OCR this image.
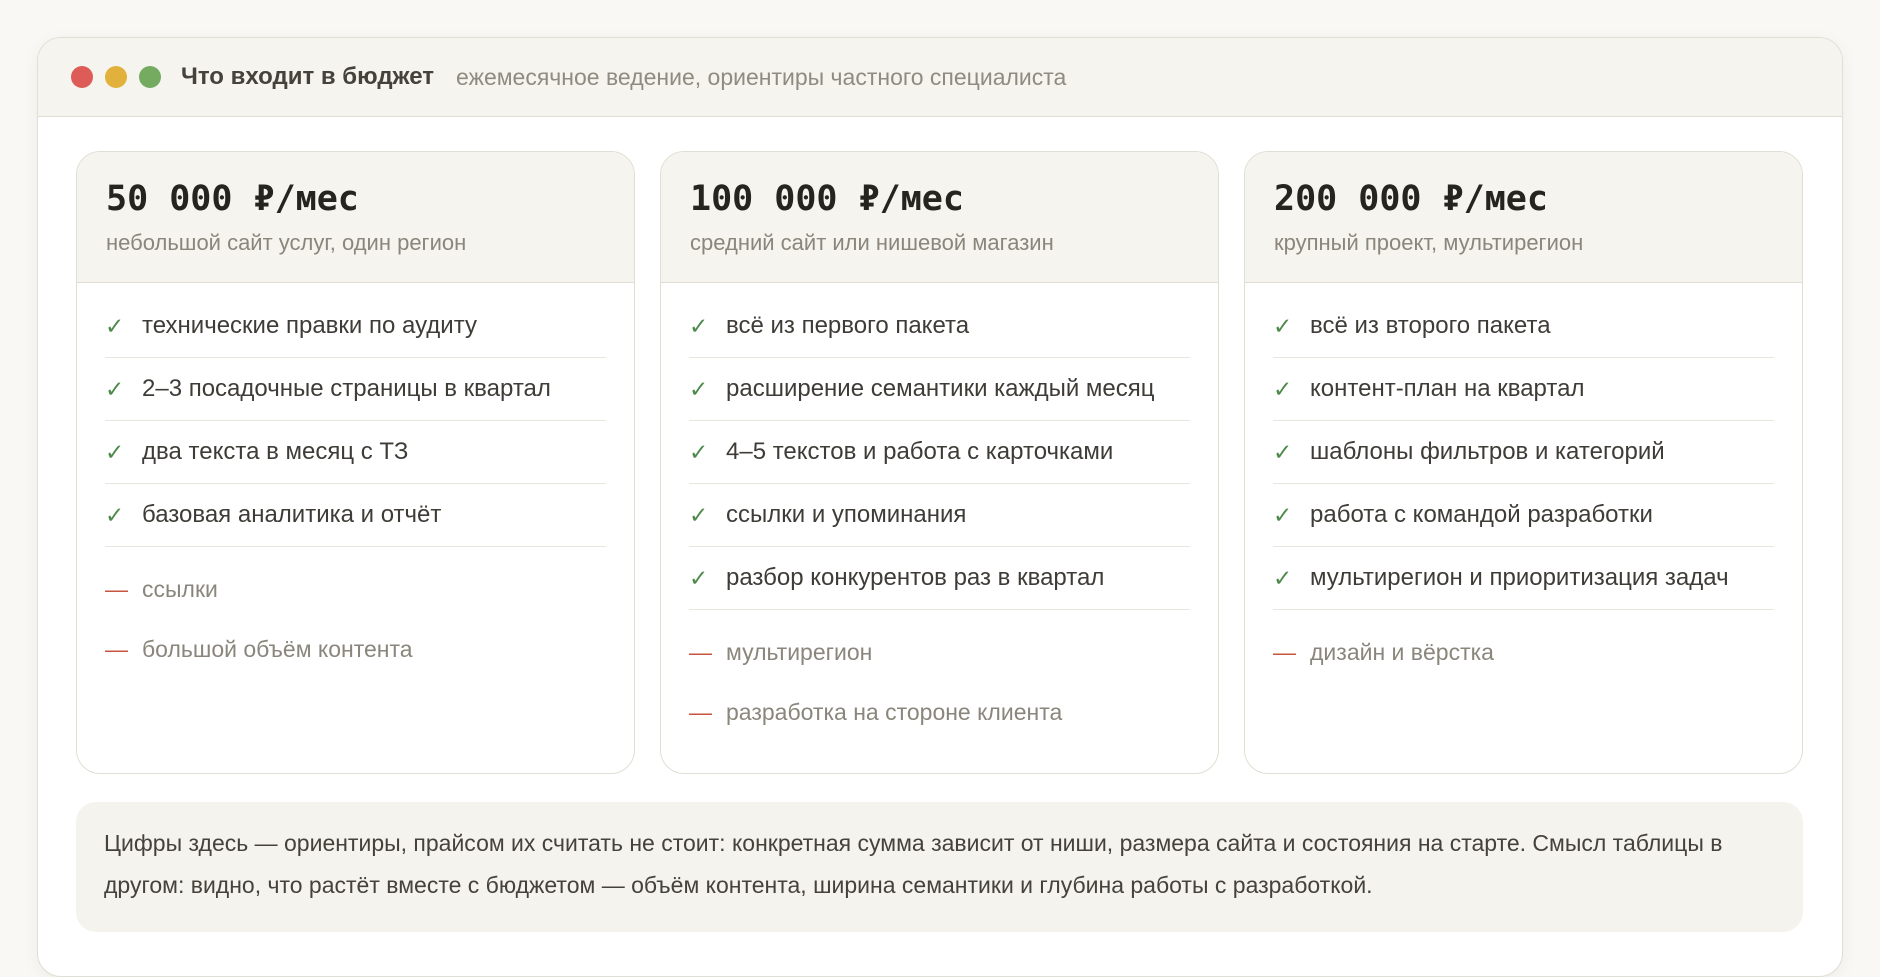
Что входит в бюджет ежемесячное ведение, ориентиры частного специалиста
50 000 ₽/мес
небольшой сайт услуг, один регион
✓ технические правки по аудиту
✓ 2–3 посадочные страницы в квартал
✓ два текста в месяц с ТЗ
✓ базовая аналитика и отчёт
— ссылки
— большой объём контента
100 000 ₽/мес
средний сайт или нишевой магазин
✓ всё из первого пакета
✓ расширение семантики каждый месяц
✓ 4–5 текстов и работа с карточками
✓ ссылки и упоминания
✓ разбор конкурентов раз в квартал
— мультирегион
— разработка на стороне клиента
200 000 ₽/мес
крупный проект, мультирегион
✓ всё из второго пакета
✓ контент-план на квартал
✓ шаблоны фильтров и категорий
✓ работа с командой разработки
✓ мультирегион и приоритизация задач
— дизайн и вёрстка
Цифры здесь — ориентиры, прайсом их считать не стоит: конкретная сумма зависит от ниши, размера сайта и состояния на старте. Смысл таблицы в другом: видно, что растёт вместе с бюджетом — объём контента, ширина семантики и глубина работы с разработкой.
